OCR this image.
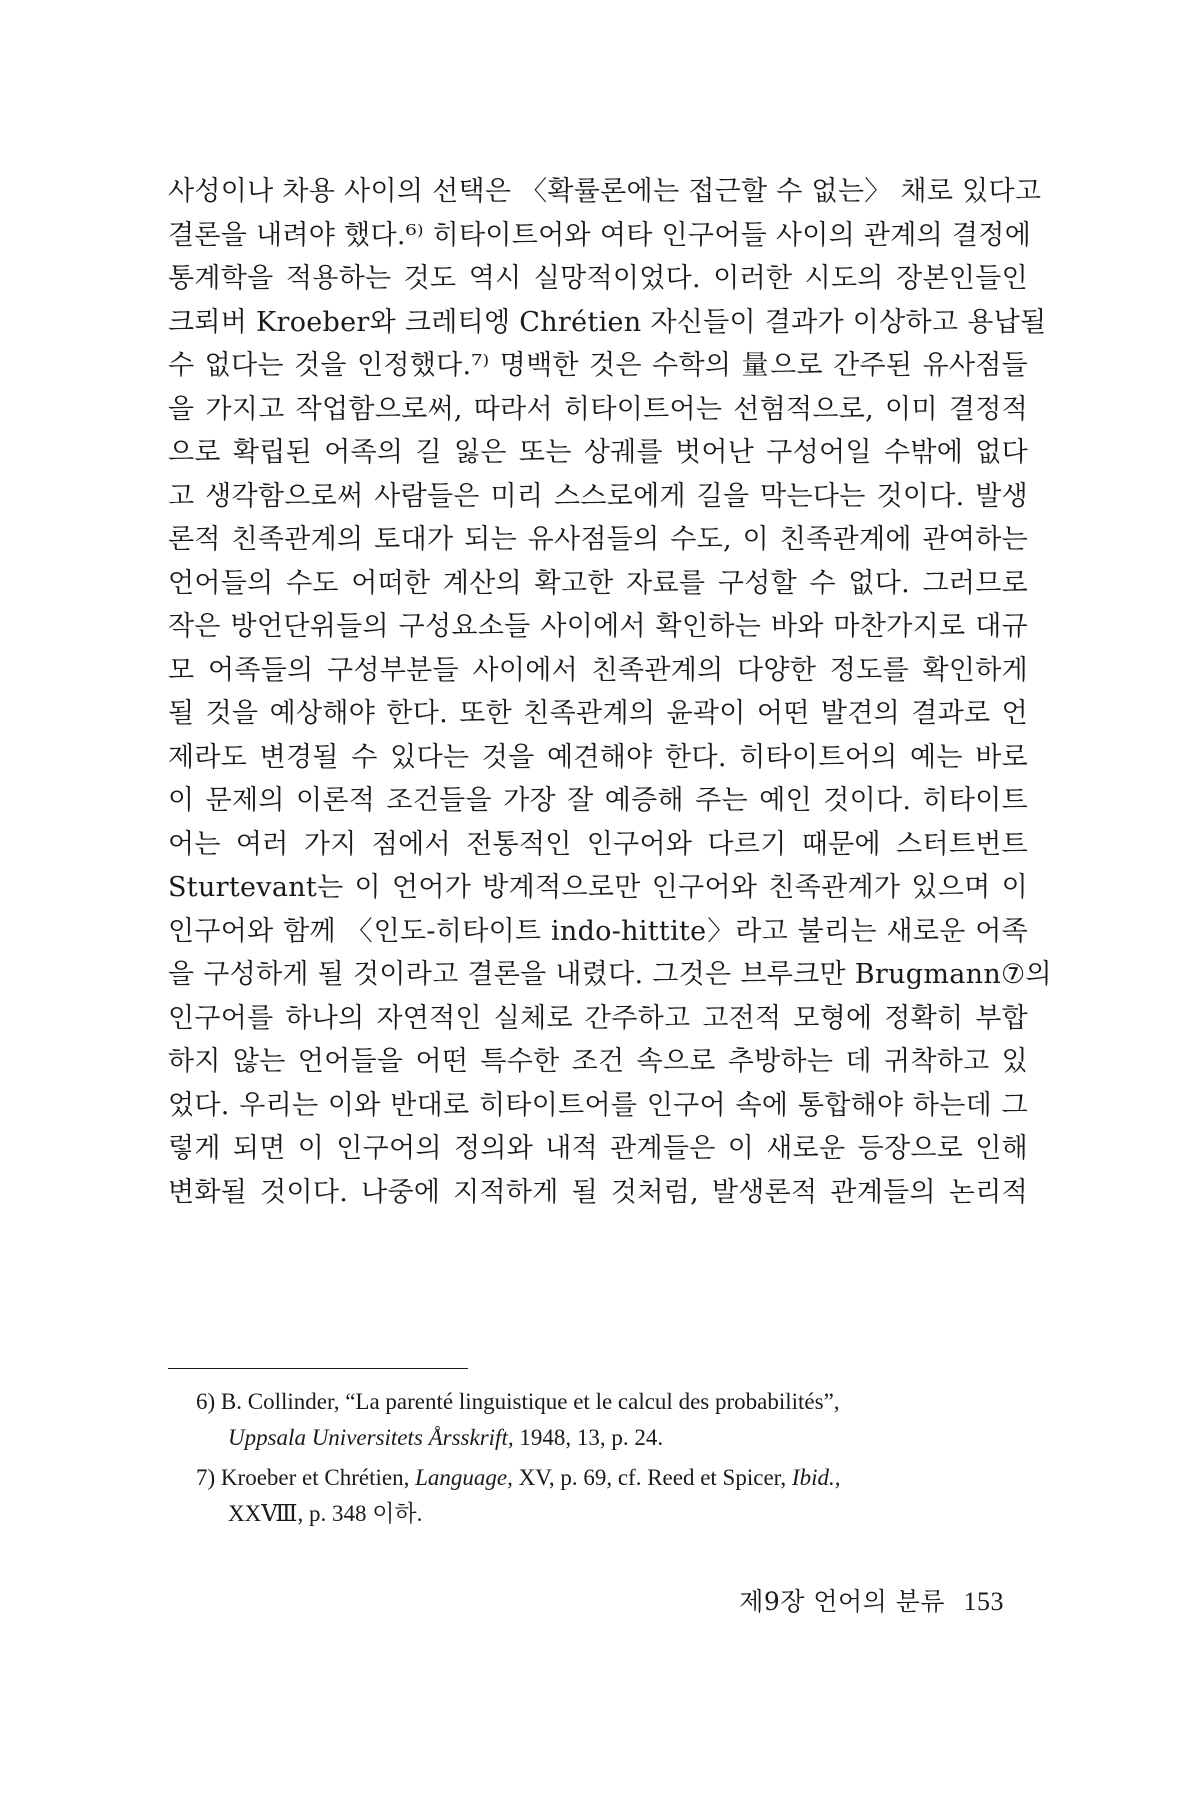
사성이나 차용 사이의 선택은 〈확률론에는 접근할 수 없는〉 채로 있다고
결론을 내려야 했다.⁶⁾ 히타이트어와 여타 인구어들 사이의 관계의 결정에
통계학을 적용하는 것도 역시 실망적이었다. 이러한 시도의 장본인들인
크뢰버 Kroeber와 크레티엥 Chrétien 자신들이 결과가 이상하고 용납될
수 없다는 것을 인정했다.⁷⁾ 명백한 것은 수학의 量으로 간주된 유사점들
을 가지고 작업함으로써, 따라서 히타이트어는 선험적으로, 이미 결정적
으로 확립된 어족의 길 잃은 또는 상궤를 벗어난 구성어일 수밖에 없다
고 생각함으로써 사람들은 미리 스스로에게 길을 막는다는 것이다. 발생
론적 친족관계의 토대가 되는 유사점들의 수도, 이 친족관계에 관여하는
언어들의 수도 어떠한 계산의 확고한 자료를 구성할 수 없다. 그러므로
작은 방언단위들의 구성요소들 사이에서 확인하는 바와 마찬가지로 대규
모 어족들의 구성부분들 사이에서 친족관계의 다양한 정도를 확인하게
될 것을 예상해야 한다. 또한 친족관계의 윤곽이 어떤 발견의 결과로 언
제라도 변경될 수 있다는 것을 예견해야 한다. 히타이트어의 예는 바로
이 문제의 이론적 조건들을 가장 잘 예증해 주는 예인 것이다. 히타이트
어는 여러 가지 점에서 전통적인 인구어와 다르기 때문에 스터트번트
Sturtevant는 이 언어가 방계적으로만 인구어와 친족관계가 있으며 이
인구어와 함께 〈인도-히타이트 indo-hittite〉라고 불리는 새로운 어족
을 구성하게 될 것이라고 결론을 내렸다. 그것은 브루크만 Brugmann⑦의
인구어를 하나의 자연적인 실체로 간주하고 고전적 모형에 정확히 부합
하지 않는 언어들을 어떤 특수한 조건 속으로 추방하는 데 귀착하고 있
었다. 우리는 이와 반대로 히타이트어를 인구어 속에 통합해야 하는데 그
렇게 되면 이 인구어의 정의와 내적 관계들은 이 새로운 등장으로 인해
변화될 것이다. 나중에 지적하게 될 것처럼, 발생론적 관계들의 논리적
6) B. Collinder, “La parenté linguistique et le calcul des probabilités”,
Uppsala Universitets Årsskrift, 1948, 13, p. 24.
7) Kroeber et Chrétien, Language, XV, p. 69, cf. Reed et Spicer, Ibid.,
XXⅧ, p. 348 이하.
제9장 언어의 분류 153
